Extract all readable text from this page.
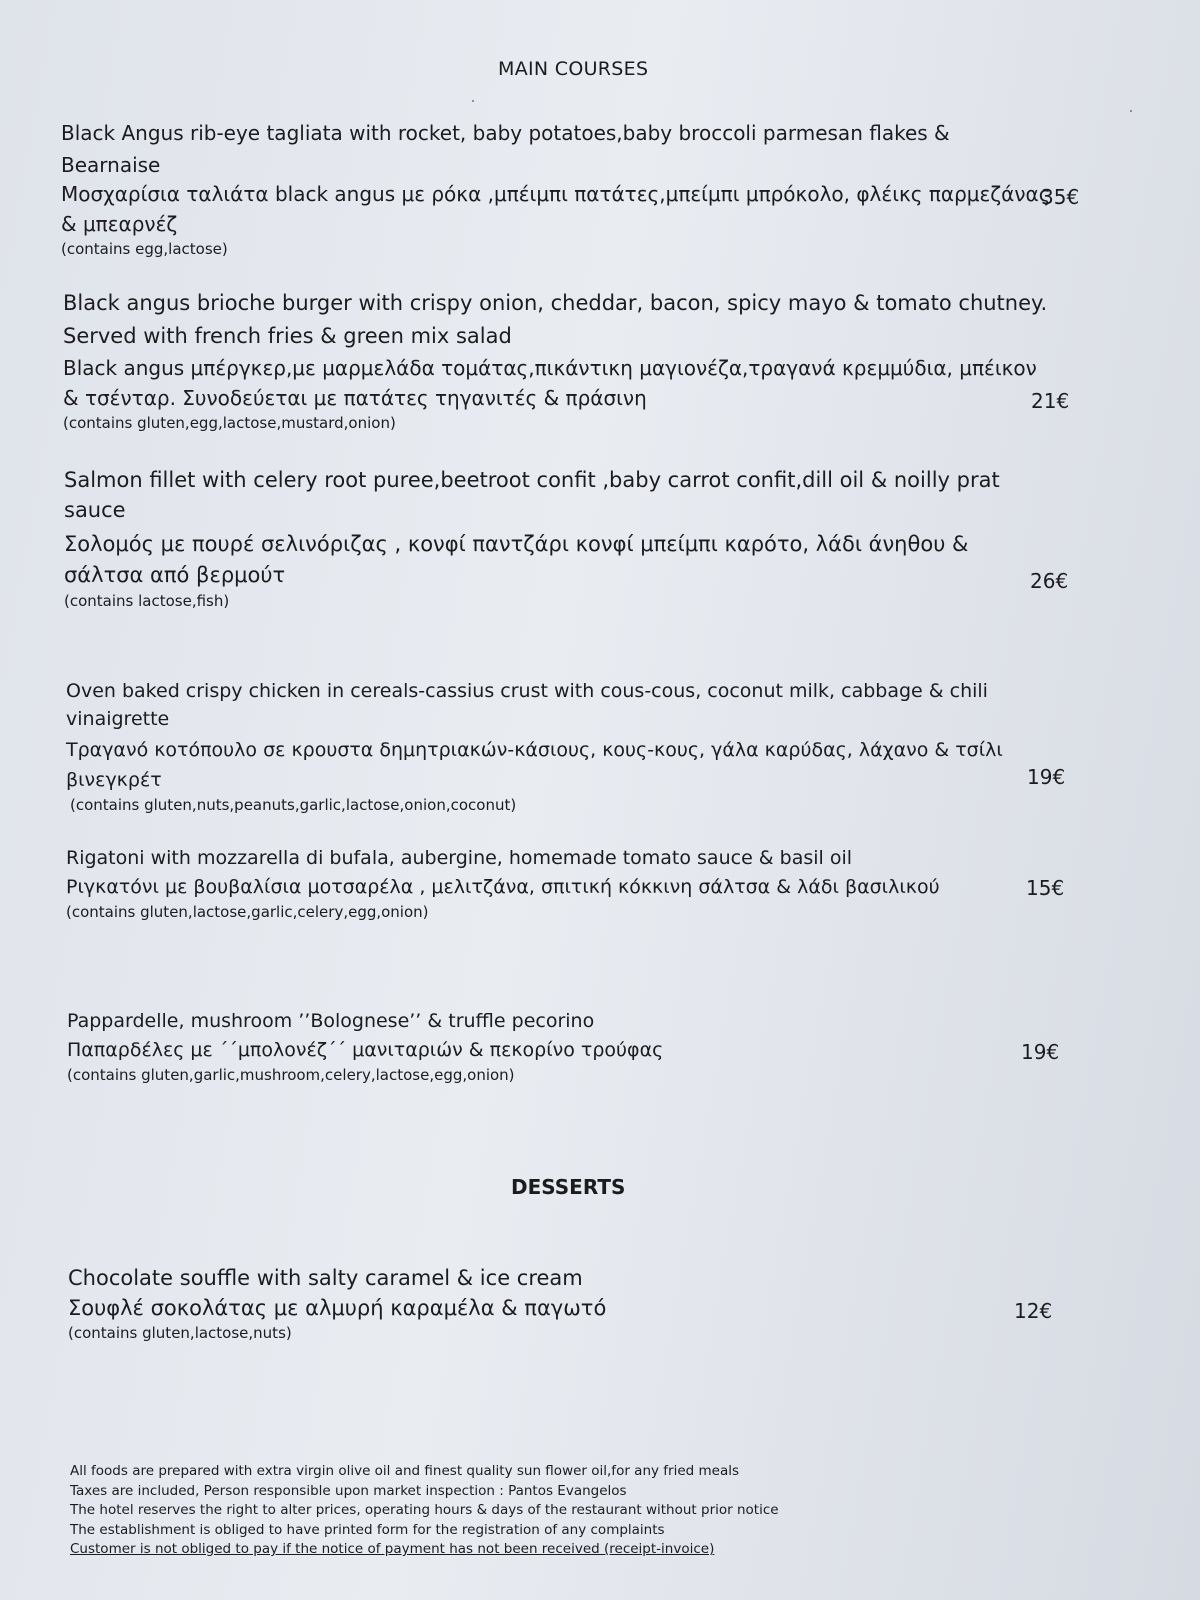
MAIN COURSES
Black Angus rib-eye tagliata with rocket, baby potatoes,baby broccoli parmesan flakes & Bearnaise
Μοσχαρίσια ταλιάτα black angus με ρόκα ,μπέιμπι πατάτες,μπείμπι μπρόκολο, φλέικς παρμεζάνας & μπεαρνέζ
(contains egg,lactose)
35€
Black angus brioche burger with crispy onion, cheddar, bacon, spicy mayo & tomato chutney. Served with french fries & green mix salad
Black angus μπέργκερ,με μαρμελάδα τομάτας,πικάντικη μαγιονέζα,τραγανά κρεμμύδια, μπέικον & τσένταρ. Συνοδεύεται με πατάτες τηγανιτές & πράσινη
(contains gluten,egg,lactose,mustard,onion)
21€
Salmon fillet with celery root puree,beetroot confit ,baby carrot confit,dill oil & noilly prat sauce
Σολομός με πουρέ σελινόριζας , κονφί παντζάρι κονφί μπείμπι καρότο, λάδι άνηθου & σάλτσα από βερμούτ
(contains lactose,fish)
26€
Oven baked crispy chicken in cereals-cassius crust with cous-cous, coconut milk, cabbage & chili vinaigrette
Τραγανό κοτόπουλο σε κρουστα δημητριακών-κάσιους, κους-κους, γάλα καρύδας, λάχανο & τσίλι βινεγκρέτ
(contains gluten,nuts,peanuts,garlic,lactose,onion,coconut)
19€
Rigatoni with mozzarella di bufala, aubergine, homemade tomato sauce & basil oil
Ριγκατόνι με βουβαλίσια μοτσαρέλα , μελιτζάνα, σπιτική κόκκινη σάλτσα & λάδι βασιλικού
(contains gluten,lactose,garlic,celery,egg,onion)
15€
Pappardelle, mushroom ’’Bolognese’’ & truffle pecorino
Παπαρδέλες με ΄΄μπολονέζ΄΄ μανιταριών & πεκορίνο τρούφας
(contains gluten,garlic,mushroom,celery,lactose,egg,onion)
19€
DESSERTS
Chocolate souffle with salty caramel & ice cream
Σουφλέ σοκολάτας με αλμυρή καραμέλα & παγωτό
(contains gluten,lactose,nuts)
12€
All foods are prepared with extra virgin olive oil and finest quality sun flower oil,for any fried meals
Taxes are included, Person responsible upon market inspection : Pantos Evangelos
The hotel reserves the right to alter prices, operating hours & days of the restaurant without prior notice
The establishment is obliged to have printed form for the registration of any complaints
Customer is not obliged to pay if the notice of payment has not been received (receipt-invoice)
